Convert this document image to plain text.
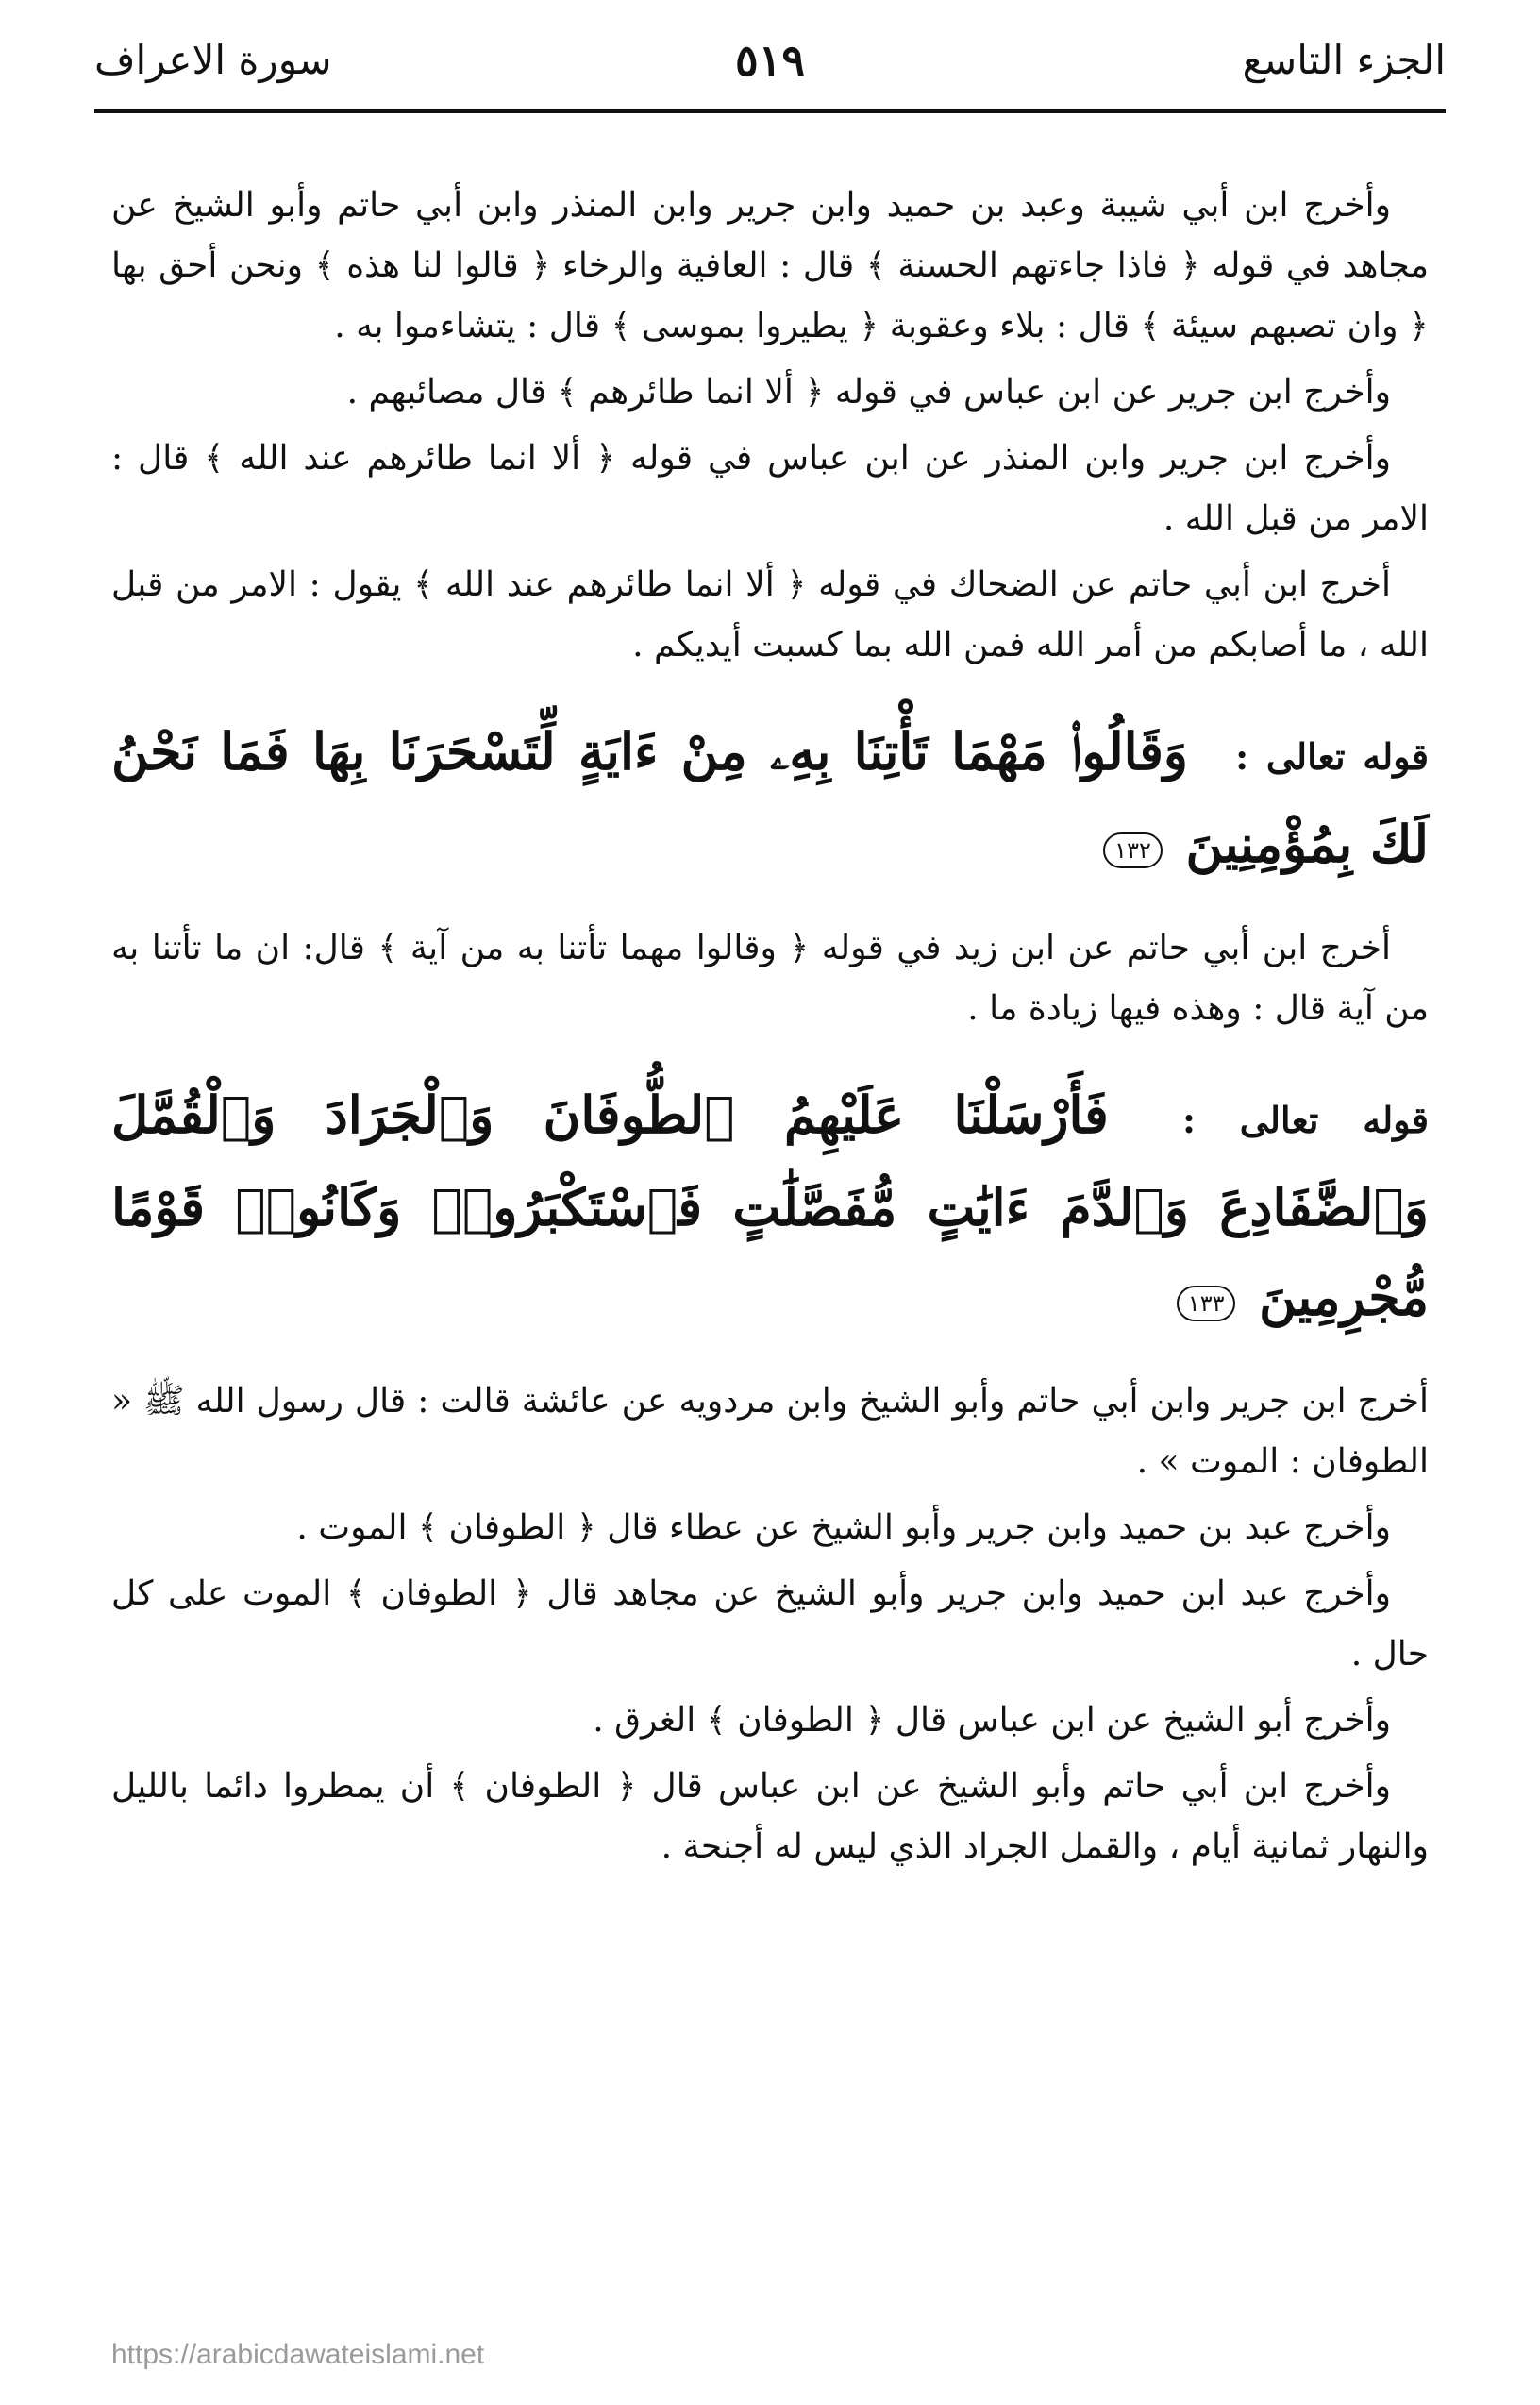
الجزء التاسع
٥١٩
سورة الاعراف

وأخرج ابن أبي شيبة وعبد بن حميد وابن جرير وابن المنذر وابن أبي حاتم وأبو الشيخ عن مجاهد في قوله ﴿ فاذا جاءتهم الحسنة ﴾ قال : العافية والرخاء ﴿ قالوا لنا هذه ﴾ ونحن أحق بها ﴿ وان تصبهم سيئة ﴾ قال : بلاء وعقوبة ﴿ يطيروا بموسى ﴾ قال : يتشاءموا به .

وأخرج ابن جرير عن ابن عباس في قوله ﴿ ألا انما طائرهم ﴾ قال مصائبهم .

وأخرج ابن جرير وابن المنذر عن ابن عباس في قوله ﴿ ألا انما طائرهم عند الله ﴾ قال : الامر من قبل الله .

أخرج ابن أبي حاتم عن الضحاك في قوله ﴿ ألا انما طائرهم عند الله ﴾ يقول : الامر من قبل الله ، ما أصابكم من أمر الله فمن الله بما كسبت أيديكم .

قوله تعالى : وَقَالُوا۟ مَهْمَا تَأْتِنَا بِهِۦ مِنْ ءَايَةٍ لِّتَسْحَرَنَا بِهَا فَمَا نَحْنُ لَكَ بِمُؤْمِنِينَ ١٣٢

أخرج ابن أبي حاتم عن ابن زيد في قوله ﴿ وقالوا مهما تأتنا به من آية ﴾ قال: ان ما تأتنا به من آية قال : وهذه فيها زيادة ما .

قوله تعالى : فَأَرْسَلْنَا عَلَيْهِمُ ٱلطُّوفَانَ وَٱلْجَرَادَ وَٱلْقُمَّلَ وَٱلضَّفَادِعَ وَٱلدَّمَ ءَايَٰتٍ مُّفَصَّلَٰتٍ فَٱسْتَكْبَرُوا۟ وَكَانُوا۟ قَوْمًا مُّجْرِمِينَ ١٣٣

أخرج ابن جرير وابن أبي حاتم وأبو الشيخ وابن مردويه عن عائشة قالت : قال رسول الله ﷺ « الطوفان : الموت » .

وأخرج عبد بن حميد وابن جرير وأبو الشيخ عن عطاء قال ﴿ الطوفان ﴾ الموت .

وأخرج عبد ابن حميد وابن جرير وأبو الشيخ عن مجاهد قال ﴿ الطوفان ﴾ الموت على كل حال .

وأخرج أبو الشيخ عن ابن عباس قال ﴿ الطوفان ﴾ الغرق .

وأخرج ابن أبي حاتم وأبو الشيخ عن ابن عباس قال ﴿ الطوفان ﴾ أن يمطروا دائما بالليل والنهار ثمانية أيام ، والقمل الجراد الذي ليس له أجنحة .

https://arabicdawateislami.net
